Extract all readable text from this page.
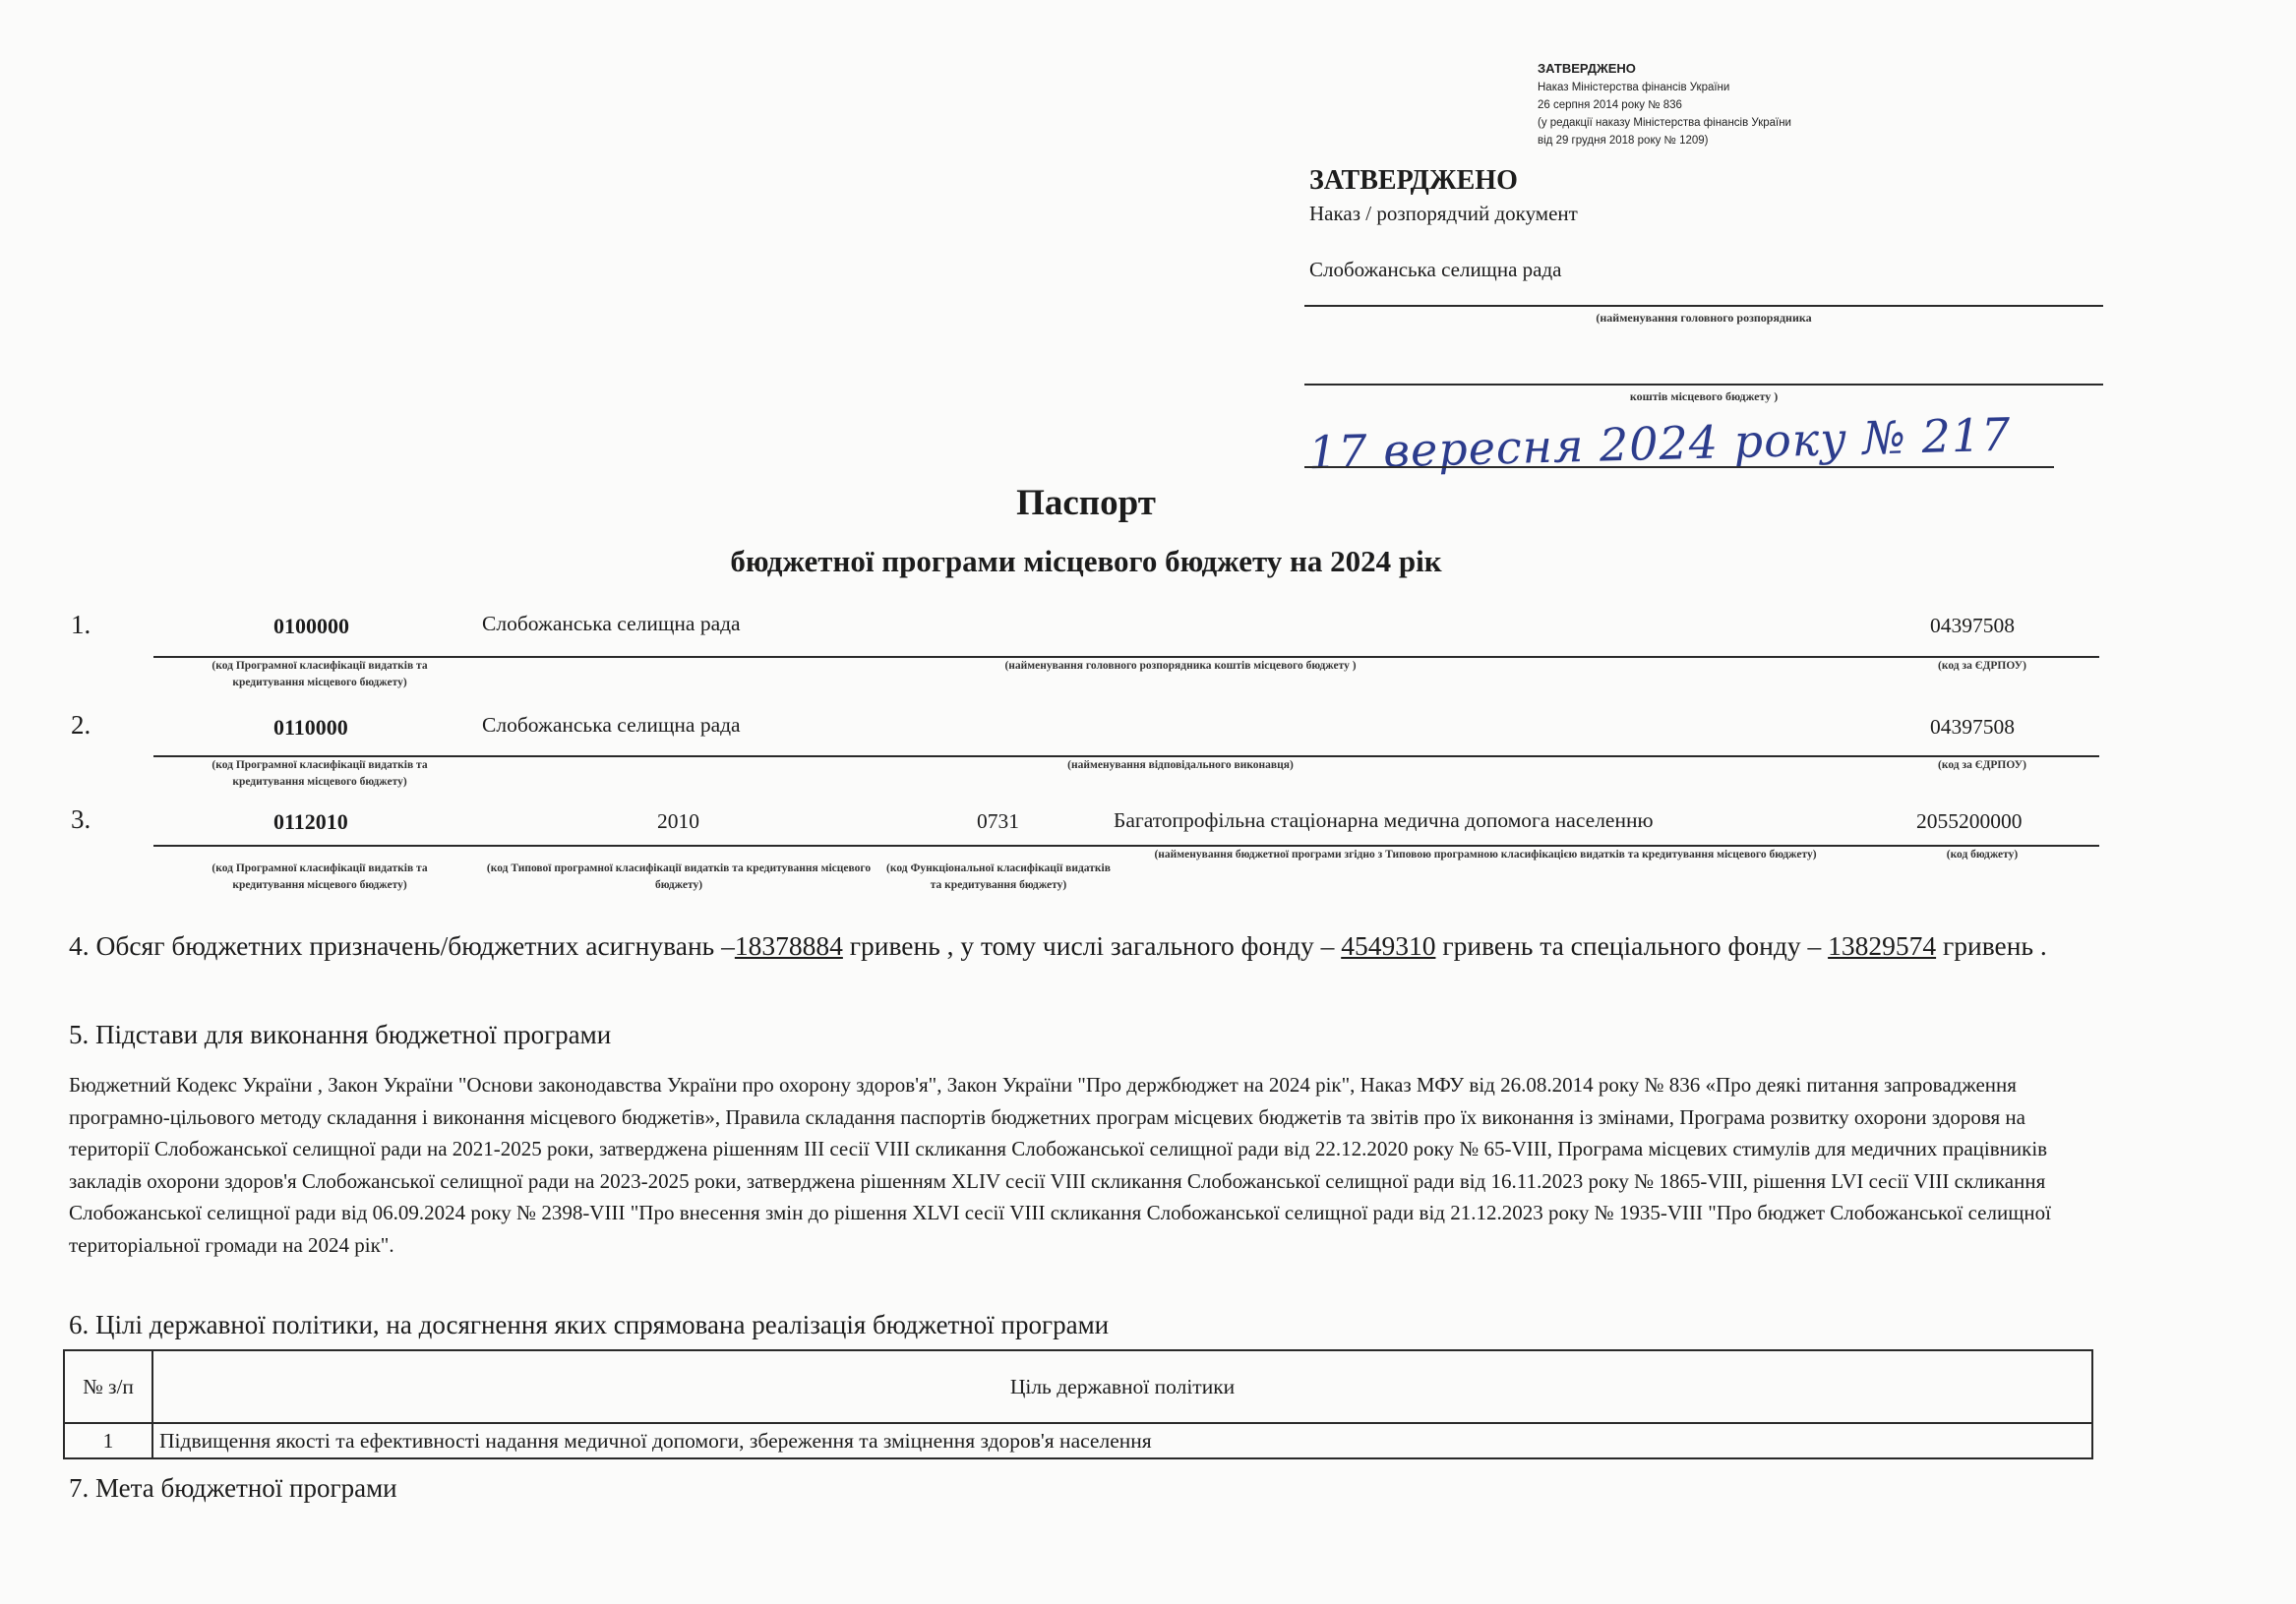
ЗАТВЕРДЖЕНО
Наказ Міністерства фінансів України
26 серпня 2014 року № 836
(у редакції наказу Міністерства фінансів України
від 29 грудня 2018 року № 1209)
ЗАТВЕРДЖЕНО
Наказ / розпорядчий документ
Слобожанська селищна рада
(найменування головного розпорядника
коштів місцевого бюджету )
17 вересня 2024 року № 217
Паспорт
бюджетної програми місцевого бюджету на 2024 рік
1.	0100000	Слобожанська селищна рада	04397508
(код Програмної класифікації видатків та кредитування місцевого бюджету)
(найменування головного розпорядника коштів місцевого бюджету )	(код за ЄДРПОУ)
2.	0110000	Слобожанська селищна рада	04397508
(код Програмної класифікації видатків та кредитування місцевого бюджету)
(найменування відповідального виконавця)	(код за ЄДРПОУ)
3.	0112010	2010	0731	Багатопрофільна стаціонарна медична допомога населенню	2055200000
(код Програмної класифікації видатків та кредитування місцевого бюджету)
(код Типової програмної класифікації видатків та кредитування місцевого бюджету)
(код Функціональної класифікації видатків та кредитування бюджету)
(найменування бюджетної програми згідно з Типовою програмною класифікацією видатків та кредитування місцевого бюджету)	(код бюджету)
4. Обсяг бюджетних призначень/бюджетних асигнувань –18378884 гривень , у тому числі загального фонду – 4549310 гривень та спеціального фонду – 13829574 гривень .
5. Підстави для виконання бюджетної програми
Бюджетний Кодекс України , Закон України "Основи законодавства України про охорону здоров'я", Закон України "Про держбюджет на 2024 рік", Наказ МФУ від 26.08.2014 року № 836 «Про деякі питання запровадження програмно-цільового методу складання і виконання місцевого бюджетів», Правила складання паспортів бюджетних програм місцевих бюджетів та звітів про їх виконання із змінами, Програма розвитку охорони здоровя на території Слобожанської селищної ради на 2021-2025 роки, затверджена рішенням ІІІ сесії VIII скликання Слобожанської селищної ради від 22.12.2020 року № 65-VІІІ, Програма місцевих стимулів для медичних працівників закладів охорони здоров'я Слобожанської селищної ради на 2023-2025 роки, затверджена рішенням XLIV сесії VIII скликання Слобожанської селищної ради від 16.11.2023 року № 1865-VІІІ, рішення LVI сесії VIII скликання Слобожанської селищної ради від 06.09.2024 року № 2398-VIII "Про внесення змін до рішення XLVI сесії VIII скликання Слобожанської селищної ради від 21.12.2023 року № 1935-VIII "Про бюджет Слобожанської селищної територіальної громади на 2024 рік".
6. Цілі державної політики, на досягнення яких спрямована реалізація бюджетної програми
№ з/п	Ціль державної політики
1	Підвищення якості та ефективності надання медичної допомоги, збереження та зміцнення здоров'я населення
7. Мета бюджетної програми
